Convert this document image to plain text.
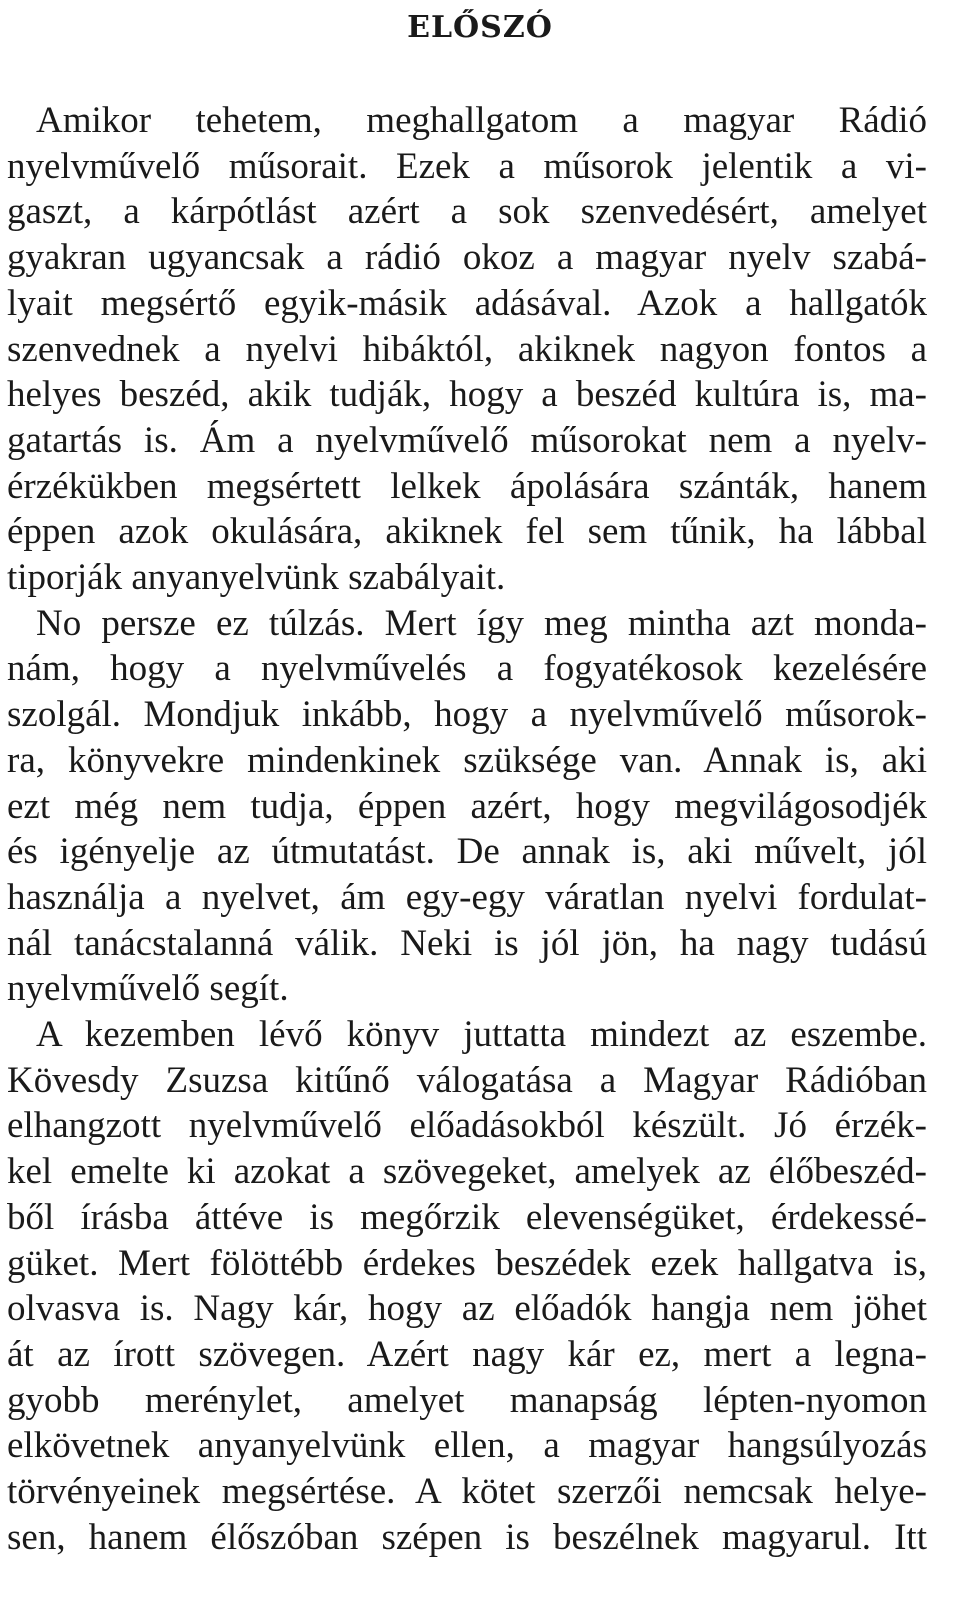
ELŐSZÓ
Amikor tehetem, meghallgatom a magyar Rádió
nyelvművelő műsorait. Ezek a műsorok jelentik a vi-
gaszt, a kárpótlást azért a sok szenvedésért, amelyet
gyakran ugyancsak a rádió okoz a magyar nyelv szabá-
lyait megsértő egyik-másik adásával. Azok a hallgatók
szenvednek a nyelvi hibáktól, akiknek nagyon fontos a
helyes beszéd, akik tudják, hogy a beszéd kultúra is, ma-
gatartás is. Ám a nyelvművelő műsorokat nem a nyelv-
érzékükben megsértett lelkek ápolására szánták, hanem
éppen azok okulására, akiknek fel sem tűnik, ha lábbal
tiporják anyanyelvünk szabályait.
No persze ez túlzás. Mert így meg mintha azt monda-
nám, hogy a nyelvművelés a fogyatékosok kezelésére
szolgál. Mondjuk inkább, hogy a nyelvművelő műsorok-
ra, könyvekre mindenkinek szüksége van. Annak is, aki
ezt még nem tudja, éppen azért, hogy megvilágosodjék
és igényelje az útmutatást. De annak is, aki művelt, jól
használja a nyelvet, ám egy-egy váratlan nyelvi fordulat-
nál tanácstalanná válik. Neki is jól jön, ha nagy tudású
nyelvművelő segít.
A kezemben lévő könyv juttatta mindezt az eszembe.
Kövesdy Zsuzsa kitűnő válogatása a Magyar Rádióban
elhangzott nyelvművelő előadásokból készült. Jó érzék-
kel emelte ki azokat a szövegeket, amelyek az élőbeszéd-
ből írásba áttéve is megőrzik elevenségüket, érdekessé-
güket. Mert fölöttébb érdekes beszédek ezek hallgatva is,
olvasva is. Nagy kár, hogy az előadók hangja nem jöhet
át az írott szövegen. Azért nagy kár ez, mert a legna-
gyobb merénylet, amelyet manapság lépten-nyomon
elkövetnek anyanyelvünk ellen, a magyar hangsúlyozás
törvényeinek megsértése. A kötet szerzői nemcsak helye-
sen, hanem élőszóban szépen is beszélnek magyarul. Itt
